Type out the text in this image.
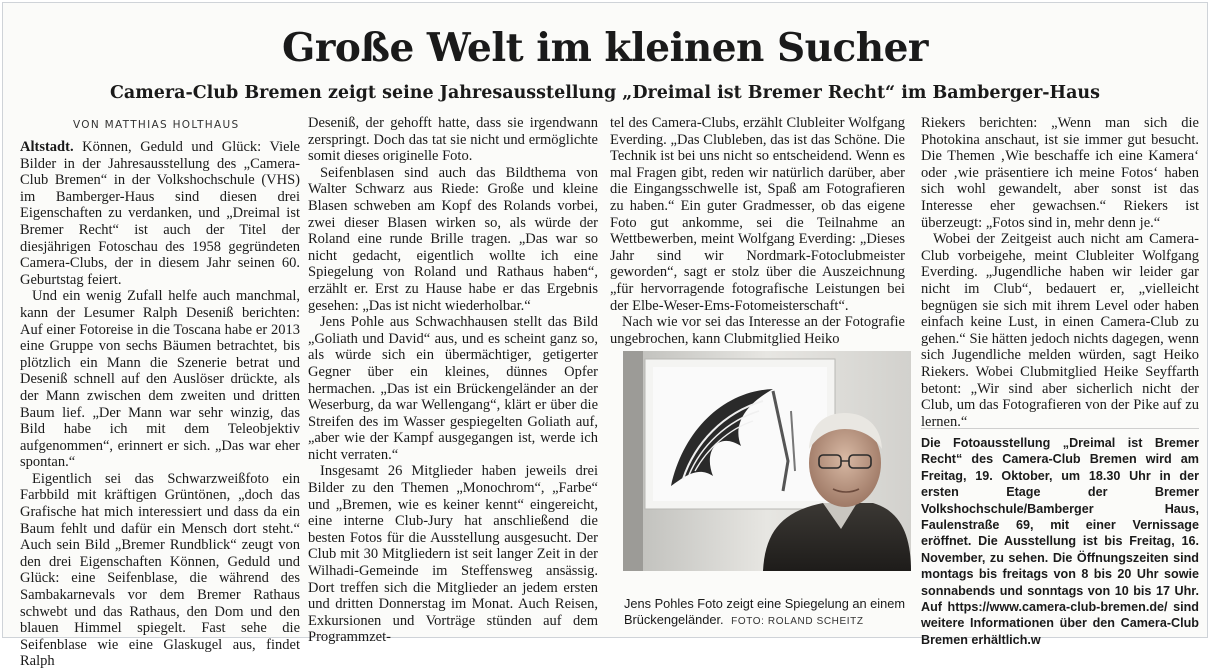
Große Welt im kleinen Sucher
Camera-Club Bremen zeigt seine Jahresausstellung „Dreimal ist Bremer Recht“ im Bamberger-Haus
VON MATTHIAS HOLTHAUS

Altstadt. Können, Geduld und Glück: Viele Bilder in der Jahresausstellung des „Camera-Club Bremen“ in der Volkshochschule (VHS) im Bamberger-Haus sind diesen drei Eigenschaften zu verdanken, und „Dreimal ist Bremer Recht“ ist auch der Titel der diesjährigen Fotoschau des 1958 gegründeten Camera-Clubs, der in diesem Jahr seinen 60. Geburtstag feiert.

Und ein wenig Zufall helfe auch manchmal, kann der Lesumer Ralph Deseniß berichten: Auf einer Fotoreise in die Toscana habe er 2013 eine Gruppe von sechs Bäumen betrachtet, bis plötzlich ein Mann die Szenerie betrat und Deseniß schnell auf den Auslöser drückte, als der Mann zwischen dem zweiten und dritten Baum lief. „Der Mann war sehr winzig, das Bild habe ich mit dem Teleobjektiv aufgenommen“, erinnert er sich. „Das war eher spontan.“

Eigentlich sei das Schwarzweißfoto ein Farbbild mit kräftigen Grüntönen, „doch das Grafische hat mich interessiert und dass da ein Baum fehlt und dafür ein Mensch dort steht.“ Auch sein Bild „Bremer Rundblick“ zeugt von den drei Eigenschaften Können, Geduld und Glück: eine Seifenblase, die während des Sambakarnevals vor dem Bremer Rathaus schwebt und das Rathaus, den Dom und den blauen Himmel spiegelt. Fast sehe die Seifenblase wie eine Glaskugel aus, findet Ralph

Deseniß, der gehofft hatte, dass sie irgendwann zerspringt. Doch das tat sie nicht und ermöglichte somit dieses originelle Foto.

Seifenblasen sind auch das Bildthema von Walter Schwarz aus Riede: Große und kleine Blasen schweben am Kopf des Rolands vorbei, zwei dieser Blasen wirken so, als würde der Roland eine runde Brille tragen. „Das war so nicht gedacht, eigentlich wollte ich eine Spiegelung von Roland und Rathaus haben“, erzählt er. Erst zu Hause habe er das Ergebnis gesehen: „Das ist nicht wiederholbar.“

Jens Pohle aus Schwachhausen stellt das Bild „Goliath und David“ aus, und es scheint ganz so, als würde sich ein übermächtiger, getigerter Gegner über ein kleines, dünnes Opfer hermachen. „Das ist ein Brückengeländer an der Weserburg, da war Wellengang“, klärt er über die Streifen des im Wasser gespiegelten Goliath auf, „aber wie der Kampf ausgegangen ist, werde ich nicht verraten.“

Insgesamt 26 Mitglieder haben jeweils drei Bilder zu den Themen „Monochrom“, „Farbe“ und „Bremen, wie es keiner kennt“ eingereicht, eine interne Club-Jury hat anschließend die besten Fotos für die Ausstellung ausgesucht. Der Club mit 30 Mitgliedern ist seit langer Zeit in der Wilhadi-Gemeinde im Steffensweg ansässig. Dort treffen sich die Mitglieder an jedem ersten und dritten Donnerstag im Monat. Auch Reisen, Exkursionen und Vorträge stünden auf dem Programmzet-

tel des Camera-Clubs, erzählt Clubleiter Wolfgang Everding. „Das Clubleben, das ist das Schöne. Die Technik ist bei uns nicht so entscheidend. Wenn es mal Fragen gibt, reden wir natürlich darüber, aber die Eingangsschwelle ist, Spaß am Fotografieren zu haben.“ Ein guter Gradmesser, ob das eigene Foto gut ankomme, sei die Teilnahme an Wettbewerben, meint Wolfgang Everding: „Dieses Jahr sind wir Nordmark-Fotoclubmeister geworden“, sagt er stolz über die Auszeichnung „für hervorragende fotografische Leistungen bei der Elbe-Weser-Ems-Fotomeisterschaft“.

Nach wie vor sei das Interesse an der Fotografie ungebrochen, kann Clubmitglied Heiko

Jens Pohles Foto zeigt eine Spiegelung an einem Brückengeländer. FOTO: ROLAND SCHEITZ

Riekers berichten: „Wenn man sich die Photokina anschaut, ist sie immer gut besucht. Die Themen ‚Wie beschaffe ich eine Kamera‘ oder ‚wie präsentiere ich meine Fotos‘ haben sich wohl gewandelt, aber sonst ist das Interesse eher gewachsen.“ Riekers ist überzeugt: „Fotos sind in, mehr denn je.“

Wobei der Zeitgeist auch nicht am Camera-Club vorbeigehe, meint Clubleiter Wolfgang Everding. „Jugendliche haben wir leider gar nicht im Club“, bedauert er, „vielleicht begnügen sie sich mit ihrem Level oder haben einfach keine Lust, in einen Camera-Club zu gehen.“ Sie hätten jedoch nichts dagegen, wenn sich Jugendliche melden würden, sagt Heiko Riekers. Wobei Clubmitglied Heike Seyffarth betont: „Wir sind aber sicherlich nicht der Club, um das Fotografieren von der Pike auf zu lernen.“

Die Fotoausstellung „Dreimal ist Bremer Recht“ des Camera-Club Bremen wird am Freitag, 19. Oktober, um 18.30 Uhr in der ersten Etage der Bremer Volkshochschule/Bamberger Haus, Faulenstraße 69, mit einer Vernissage eröffnet. Die Ausstellung ist bis Freitag, 16. November, zu sehen. Die Öffnungszeiten sind montags bis freitags von 8 bis 20 Uhr sowie sonnabends und sonntags von 10 bis 17 Uhr. Auf https://www.camera-club-bremen.de/ sind weitere Informationen über den Camera-Club Bremen erhältlich.w
